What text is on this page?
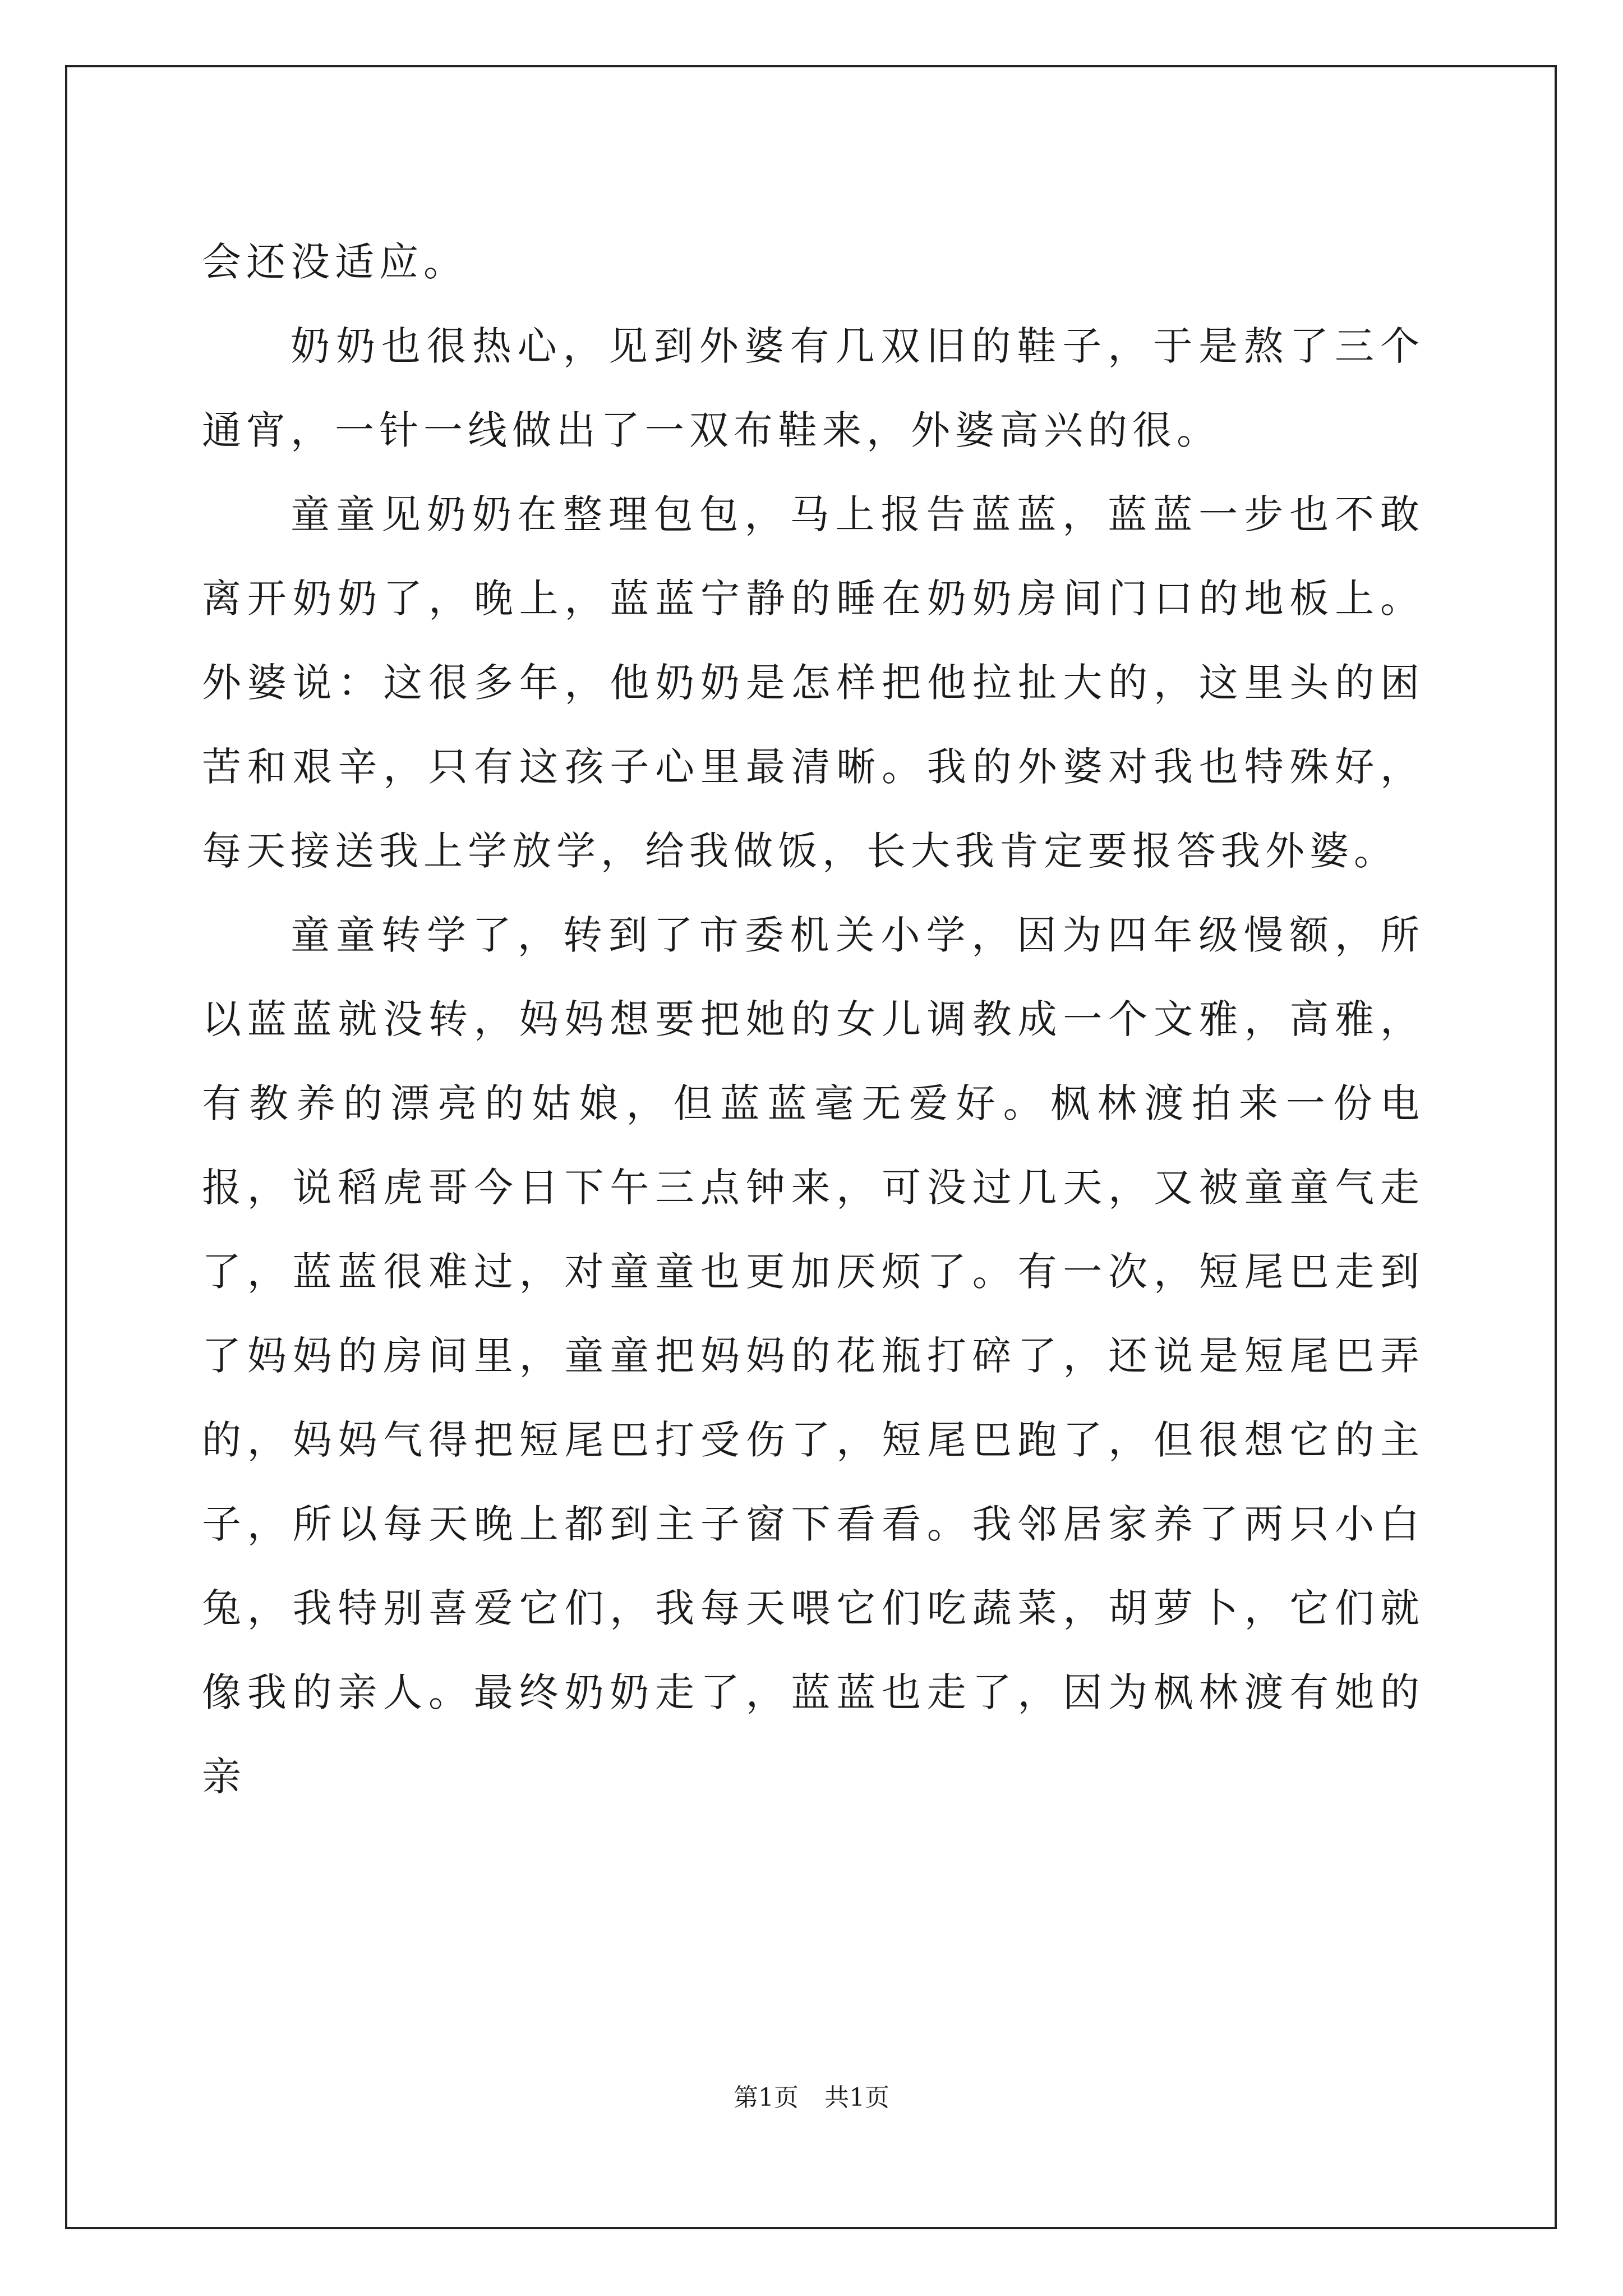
会还没适应。

奶奶也很热心，见到外婆有几双旧的鞋子，于是熬了三个通宵，一针一线做出了一双布鞋来，外婆高兴的很。

童童见奶奶在整理包包，马上报告蓝蓝，蓝蓝一步也不敢离开奶奶了，晚上，蓝蓝宁静的睡在奶奶房间门口的地板上。外婆说：这很多年，他奶奶是怎样把他拉扯大的，这里头的困苦和艰辛，只有这孩子心里最清晰。我的外婆对我也特殊好，每天接送我上学放学，给我做饭，长大我肯定要报答我外婆。

童童转学了，转到了市委机关小学，因为四年级慢额，所以蓝蓝就没转，妈妈想要把她的女儿调教成一个文雅，高雅，有教养的漂亮的姑娘，但蓝蓝毫无爱好。枫林渡拍来一份电报，说稻虎哥今日下午三点钟来，可没过几天，又被童童气走了，蓝蓝很难过，对童童也更加厌烦了。有一次，短尾巴走到了妈妈的房间里，童童把妈妈的花瓶打碎了，还说是短尾巴弄的，妈妈气得把短尾巴打受伤了，短尾巴跑了，但很想它的主子，所以每天晚上都到主子窗下看看。我邻居家养了两只小白兔，我特别喜爱它们，我每天喂它们吃蔬菜，胡萝卜，它们就像我的亲人。最终奶奶走了，蓝蓝也走了，因为枫林渡有她的亲

第1页 共1页
